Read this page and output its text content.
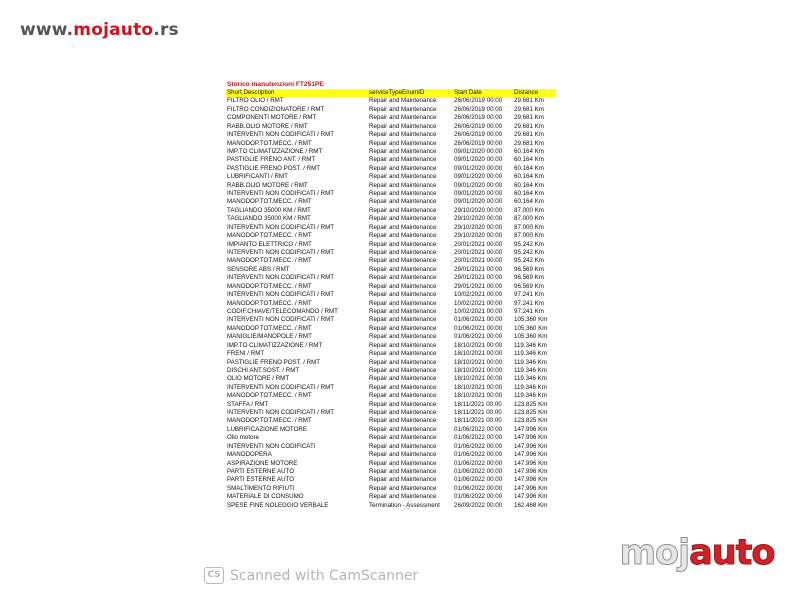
www.mojauto.rs
Storico manutenzioni FT251PE
Short Description	serviceTypeEnumID	Start Date	Distance
FILTRO OLIO / RMT	Repair and Maintenance	26/06/2019 00:00	29.681 Km
FILTRO CONDIZIONATORE / RMT	Repair and Maintenance	26/06/2019 00:00	29.681 Km
COMPONENTI MOTORE / RMT	Repair and Maintenance	26/06/2019 00:00	29.681 Km
RABB.OLIO MOTORE / RMT	Repair and Maintenance	26/06/2019 00:00	29.681 Km
INTERVENTI NON CODIFICATI / RMT	Repair and Maintenance	26/06/2019 00:00	29.681 Km
MANODOP.TOT.MECC. / RMT	Repair and Maintenance	26/06/2019 00:00	29.681 Km
IMP.TO CLIMATIZZAZIONE / RMT	Repair and Maintenance	09/01/2020 00:00	60.164 Km
PASTIGLIE FRENO ANT. / RMT	Repair and Maintenance	09/01/2020 00:00	60.164 Km
PASTIGLIE FRENO POST. / RMT	Repair and Maintenance	09/01/2020 00:00	60.164 Km
LUBRIFICANTI / RMT	Repair and Maintenance	09/01/2020 00:00	60.164 Km
RABB.OLIO MOTORE / RMT	Repair and Maintenance	09/01/2020 00:00	60.164 Km
INTERVENTI NON CODIFICATI / RMT	Repair and Maintenance	09/01/2020 00:00	60.164 Km
MANODOP.TOT.MECC. / RMT	Repair and Maintenance	09/01/2020 00:00	60.164 Km
TAGLIANDO 35000 KM / RMT	Repair and Maintenance	29/10/2020 00:00	87.000 Km
TAGLIANDO 35000 KM / RMT	Repair and Maintenance	29/10/2020 00:00	87.000 Km
INTERVENTI NON CODIFICATI / RMT	Repair and Maintenance	29/10/2020 00:00	87.000 Km
MANODOP.TOT.MECC. / RMT	Repair and Maintenance	29/10/2020 00:00	87.000 Km
IMPIANTO ELETTRICO / RMT	Repair and Maintenance	20/01/2021 00:00	95.242 Km
INTERVENTI NON CODIFICATI / RMT	Repair and Maintenance	20/01/2021 00:00	95.242 Km
MANODOP.TOT.MECC. / RMT	Repair and Maintenance	20/01/2021 00:00	95.242 Km
SENSORE ABS / RMT	Repair and Maintenance	29/01/2021 00:00	96.569 Km
INTERVENTI NON CODIFICATI / RMT	Repair and Maintenance	29/01/2021 00:00	96.569 Km
MANODOP.TOT.MECC. / RMT	Repair and Maintenance	29/01/2021 00:00	96.569 Km
INTERVENTI NON CODIFICATI / RMT	Repair and Maintenance	10/02/2021 00:00	97.241 Km
MANODOP.TOT.MECC. / RMT	Repair and Maintenance	10/02/2021 00:00	97.241 Km
CODIF.CHIAVE/TELECOMANDO / RMT	Repair and Maintenance	10/02/2021 00:00	97.241 Km
INTERVENTI NON CODIFICATI / RMT	Repair and Maintenance	01/06/2021 00:00	105.360 Km
MANODOP.TOT.MECC. / RMT	Repair and Maintenance	01/06/2021 00:00	105.360 Km
MANIGLIE/MANOPOLE / RMT	Repair and Maintenance	01/06/2021 00:00	105.360 Km
IMP.TO CLIMATIZZAZIONE / RMT	Repair and Maintenance	18/10/2021 00:00	119.346 Km
FRENI / RMT	Repair and Maintenance	18/10/2021 00:00	119.346 Km
PASTIGLIE FRENO POST. / RMT	Repair and Maintenance	18/10/2021 00:00	119.346 Km
DISCHI ANT.SOST. / RMT	Repair and Maintenance	18/10/2021 00:00	119.346 Km
OLIO MOTORE / RMT	Repair and Maintenance	18/10/2021 00:00	119.346 Km
INTERVENTI NON CODIFICATI / RMT	Repair and Maintenance	18/10/2021 00:00	119.346 Km
MANODOP.TOT.MECC. / RMT	Repair and Maintenance	18/10/2021 00:00	119.346 Km
STAFFA / RMT	Repair and Maintenance	18/11/2021 00:00	123.825 Km
INTERVENTI NON CODIFICATI / RMT	Repair and Maintenance	18/11/2021 00:00	123.825 Km
MANODOP.TOT.MECC. / RMT	Repair and Maintenance	18/11/2021 00:00	123.825 Km
LUBRIFICAZIONE MOTORE	Repair and Maintenance	01/06/2022 00:00	147.996 Km
Olio motore	Repair and Maintenance	01/06/2022 00:00	147.996 Km
INTERVENTI NON CODIFICATI	Repair and Maintenance	01/06/2022 00:00	147.996 Km
MANODOPERA	Repair and Maintenance	01/06/2022 00:00	147.996 Km
ASPIRAZIONE MOTORE	Repair and Maintenance	01/06/2022 00:00	147.996 Km
PARTI ESTERNE AUTO	Repair and Maintenance	01/06/2022 00:00	147.996 Km
PARTI ESTERNE AUTO	Repair and Maintenance	01/06/2022 00:00	147.996 Km
SMALTIMENTO RIFIUTI	Repair and Maintenance	01/06/2022 00:00	147.996 Km
MATERIALE DI CONSUMO	Repair and Maintenance	01/06/2022 00:00	147.996 Km
SPESE FINE NOLEGGIO VERBALE	Termination - Assessment	26/09/2022 00:00	162.468 Km
CS Scanned with CamScanner
moj auto
